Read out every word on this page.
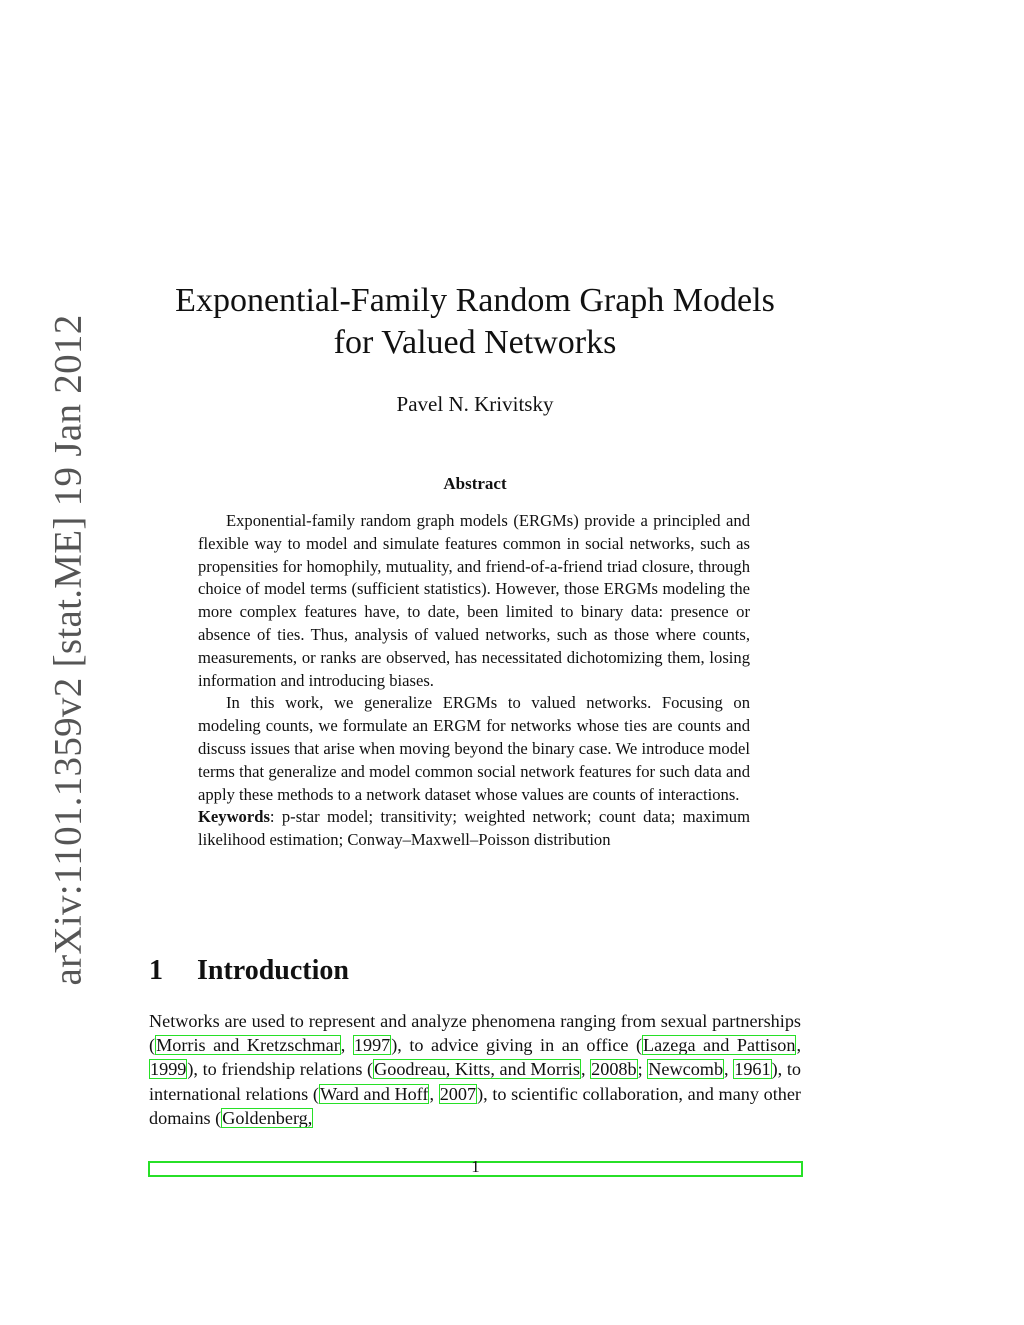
arXiv:1101.1359v2 [stat.ME] 19 Jan 2012
Exponential-Family Random Graph Models
for Valued Networks
Pavel N. Krivitsky
Abstract

Exponential-family random graph models (ERGMs) provide a principled and flexible way to model and simulate features common in social networks, such as propensities for homophily, mutuality, and friend-of-a-friend triad closure, through choice of model terms (sufficient statistics). However, those ERGMs modeling the more complex features have, to date, been limited to binary data: presence or absence of ties. Thus, analysis of valued networks, such as those where counts, measurements, or ranks are observed, has necessitated dichotomizing them, losing information and introducing biases.

In this work, we generalize ERGMs to valued networks. Focusing on modeling counts, we formulate an ERGM for networks whose ties are counts and discuss issues that arise when moving beyond the binary case. We introduce model terms that generalize and model common social network features for such data and apply these methods to a network dataset whose values are counts of interactions.

Keywords: p-star model; transitivity; weighted network; count data; maximum likelihood estimation; Conway–Maxwell–Poisson distribution

1 Introduction

Networks are used to represent and analyze phenomena ranging from sexual partnerships (Morris and Kretzschmar, 1997), to advice giving in an office (Lazega and Pattison, 1999), to friendship relations (Goodreau, Kitts, and Morris, 2008b; Newcomb, 1961), to international relations (Ward and Hoff, 2007), to scientific collaboration, and many other domains (Goldenberg,

1
